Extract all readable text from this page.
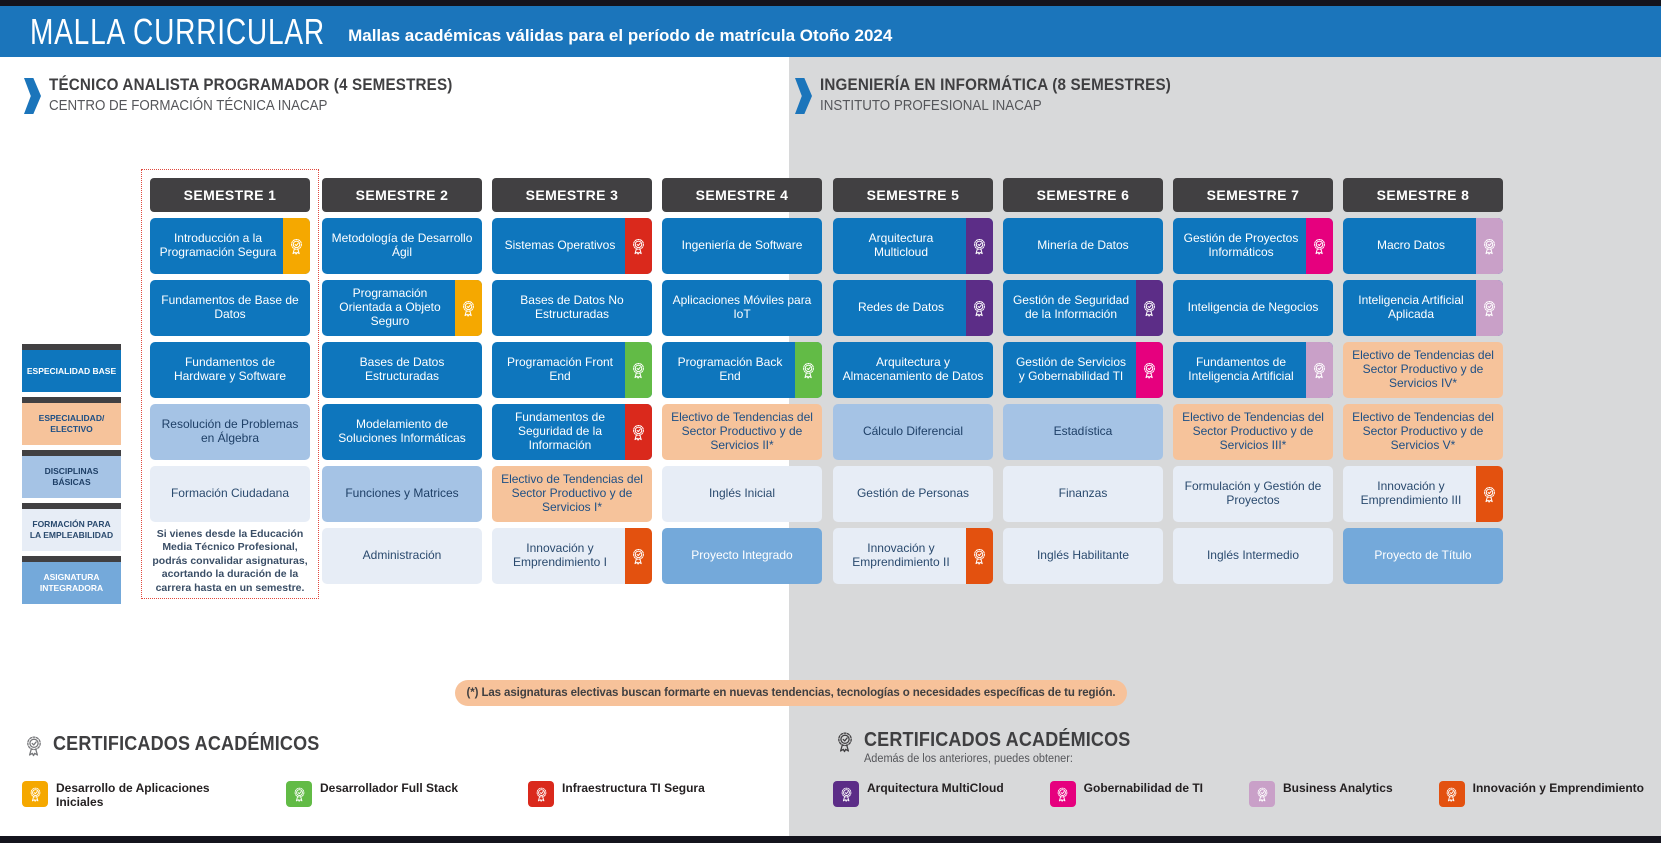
MALLA CURRICULAR Mallas académicas válidas para el período de matrícula Otoño 2024
TÉCNICO ANALISTA PROGRAMADOR (4 SEMESTRES)
CENTRO DE FORMACIÓN TÉCNICA INACAP
INGENIERÍA EN INFORMÁTICA (8 SEMESTRES)
INSTITUTO PROFESIONAL INACAP
ESPECIALIDAD BASE
ESPECIALIDAD/ ELECTIVO
DISCIPLINAS BÁSICAS
FORMACIÓN PARA LA EMPLEABILIDAD
ASIGNATURA INTEGRADORA
SEMESTRE 1
Introducción a la Programación Segura
Fundamentos de Base de Datos
Fundamentos de Hardware y Software
Resolución de Problemas en Álgebra
Formación Ciudadana
Si vienes desde la Educación Media Técnico Profesional, podrás convalidar asignaturas, acortando la duración de la carrera hasta en un semestre.
SEMESTRE 2
Metodología de Desarrollo Ágil
Programación Orientada a Objeto Seguro
Bases de Datos Estructuradas
Modelamiento de Soluciones Informáticas
Funciones y Matrices
Administración
SEMESTRE 3
Sistemas Operativos
Bases de Datos No Estructuradas
Programación Front End
Fundamentos de Seguridad de la Información
Electivo de Tendencias del Sector Productivo y de Servicios I*
Innovación y Emprendimiento I
SEMESTRE 4
Ingeniería de Software
Aplicaciones Móviles para IoT
Programación Back End
Electivo de Tendencias del Sector Productivo y de Servicios II*
Inglés Inicial
Proyecto Integrado
SEMESTRE 5
Arquitectura Multicloud
Redes de Datos
Arquitectura y Almacenamiento de Datos
Cálculo Diferencial
Gestión de Personas
Innovación y Emprendimiento II
SEMESTRE 6
Minería de Datos
Gestión de Seguridad de la Información
Gestión de Servicios y Gobernabilidad TI
Estadística
Finanzas
Inglés Habilitante
SEMESTRE 7
Gestión de Proyectos Informáticos
Inteligencia de Negocios
Fundamentos de Inteligencia Artificial
Electivo de Tendencias del Sector Productivo y de Servicios III*
Formulación y Gestión de Proyectos
Inglés Intermedio
SEMESTRE 8
Macro Datos
Inteligencia Artificial Aplicada
Electivo de Tendencias del Sector Productivo y de Servicios IV*
Electivo de Tendencias del Sector Productivo y de Servicios V*
Innovación y Emprendimiento III
Proyecto de Título
(*) Las asignaturas electivas buscan formarte en nuevas tendencias, tecnologías o necesidades específicas de tu región.
CERTIFICADOS ACADÉMICOS
Desarrollo de Aplicaciones Iniciales
Desarrollador Full Stack	Infraestructura TI Segura
CERTIFICADOS ACADÉMICOS
Además de los anteriores, puedes obtener:
Arquitectura MultiCloud	Gobernabilidad de TI	Business Analytics	Innovación y Emprendimiento
